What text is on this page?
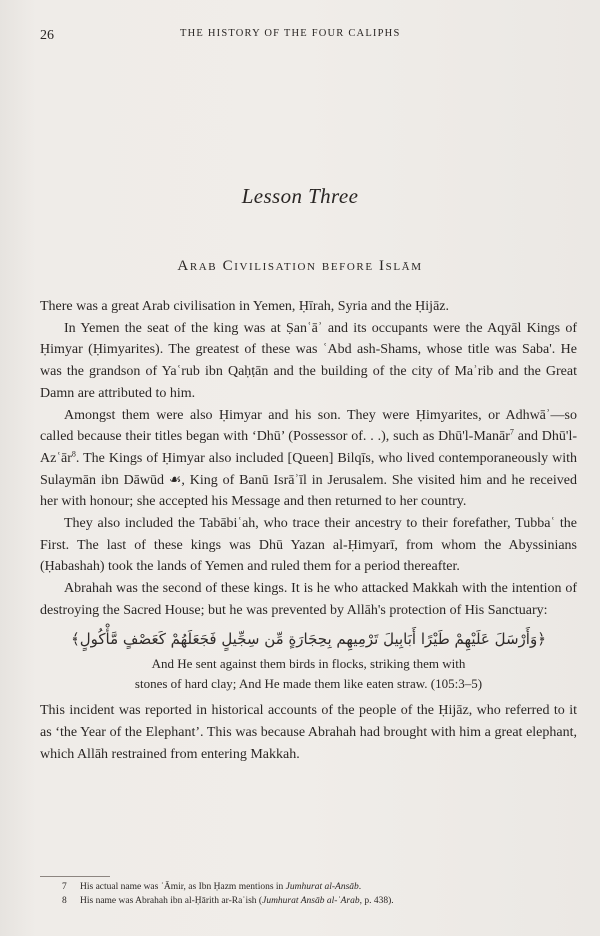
26	THE HISTORY OF THE FOUR CALIPHS
Lesson Three
Arab Civilisation before Islām

There was a great Arab civilisation in Yemen, Ḥīrah, Syria and the Ḥijāz.

In Yemen the seat of the king was at Ṣanʿāʾ and its occupants were the Aqyāl Kings of Ḥimyar (Ḥimyarites). The greatest of these was ʿAbd ash-Shams, whose title was Saba'. He was the grandson of Yaʿrub ibn Qaḥṭān and the building of the city of Maʾrib and the Great Damn are attributed to him.

Amongst them were also Ḥimyar and his son. They were Ḥimyarites, or Adhwāʾ—so called because their titles began with ‘Dhū’ (Possessor of. . .), such as Dhū'l-Manār$^7$ and Dhū'l-Azʿār$^8$. The Kings of Ḥimyar also included [Queen] Bilqīs, who lived contemporaneously with Sulaymān ibn Dāwūd ☙, King of Banū Isrāʾīl in Jerusalem. She visited him and he received her with honour; she accepted his Message and then returned to her country.

They also included the Tabābiʿah, who trace their ancestry to their forefather, Tubbaʿ the First. The last of these kings was Dhū Yazan al-Ḥimyarī, from whom the Abyssinians (Ḥabashah) took the lands of Yemen and ruled them for a period thereafter.

Abrahah was the second of these kings. It is he who attacked Makkah with the intention of destroying the Sacred House; but he was prevented by Allāh's protection of His Sanctuary:

﴿وَأَرْسَلَ عَلَيْهِمْ طَيْرًا أَبَابِيلَ تَرْمِيهِم بِحِجَارَةٍ مِّن سِجِّيلٍ فَجَعَلَهُمْ كَعَصْفٍ مَّأْكُولٍ﴾
And He sent against them birds in flocks, striking them with
stones of hard clay; And He made them like eaten straw. (105:3–5)

This incident was reported in historical accounts of the people of the Ḥijāz, who referred to it as ‘the Year of the Elephant’. This was because Abrahah had brought with him a great elephant, which Allāh restrained from entering Makkah.

7 His actual name was ʿĀmir, as Ibn Ḥazm mentions in Jumhurat al-Ansāb.

8 His name was Abrahah ibn al-Ḥārith ar-Raʾish (Jumhurat Ansāb al-ʿArab, p. 438).
